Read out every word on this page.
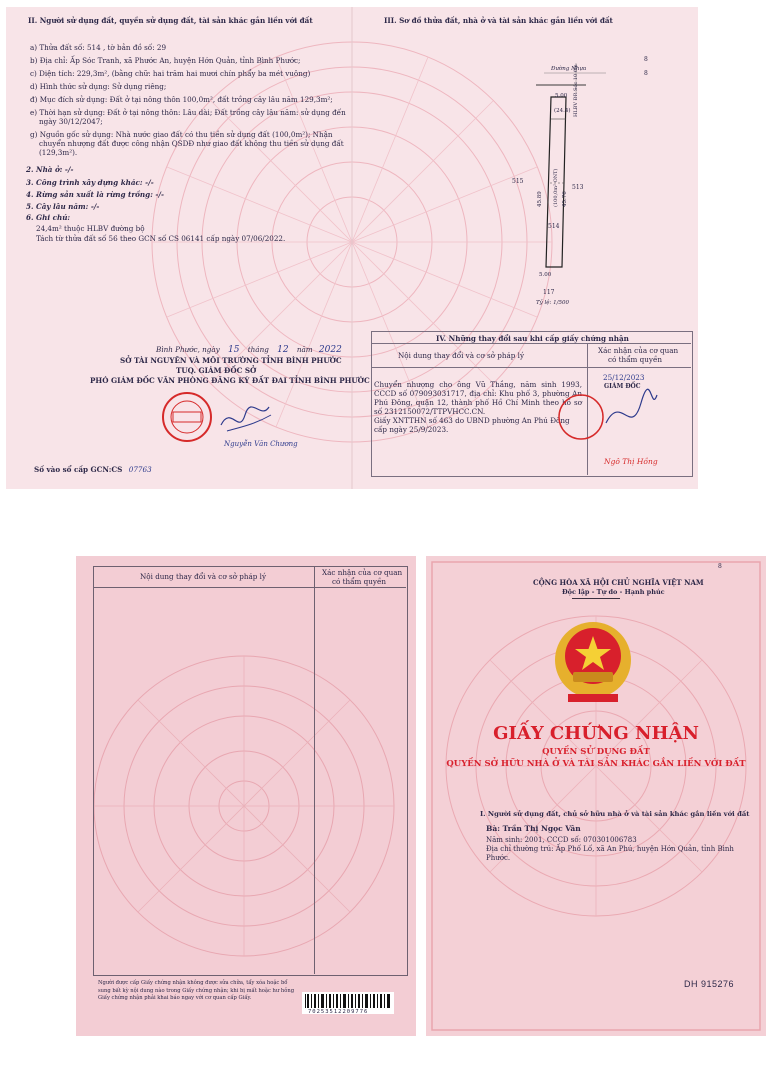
II. Người sử dụng đất, quyền sử dụng đất, tài sản khác gắn liền với đất
a) Thửa đất số: 514 , tờ bản đồ số: 29
b) Địa chỉ: Ấp Sóc Tranh, xã Phước An, huyện Hớn Quản, tỉnh Bình Phước;
c) Diện tích: 229,3m², (bằng chữ: hai trăm hai mươi chín phẩy ba mét vuông)
d) Hình thức sử dụng: Sử dụng riêng;
đ) Mục đích sử dụng: Đất ở tại nông thôn 100,0m², đất trồng cây lâu năm 129,3m²;
e) Thời hạn sử dụng: Đất ở tại nông thôn: Lâu dài; Đất trồng cây lâu năm: sử dụng đến
ngày 30/12/2047;
g) Nguồn gốc sử dụng: Nhà nước giao đất có thu tiền sử dụng đất (100,0m²); Nhận
chuyển nhượng đất được công nhận QSDĐ như giao đất không thu tiền sử dụng đất
(129,3m²).
2. Nhà ở: -/-
3. Công trình xây dựng khác: -/-
4. Rừng sản xuất là rừng trồng: -/-
5. Cây lâu năm: -/-
6. Ghi chú:
24,4m² thuộc HLBV đường bộ
Tách từ thửa đất số 56 theo GCN số CS 06141 cấp ngày 07/06/2022.
Bình Phước, ngày 15 tháng 12 năm 2022
SỞ TÀI NGUYÊN VÀ MÔI TRƯỜNG TỈNH BÌNH PHƯỚC
TUQ. GIÁM ĐỐC SỞ
PHÓ GIÁM ĐỐC VĂN PHÒNG ĐĂNG KÝ ĐẤT ĐAI TỈNH BÌNH PHƯỚC
Nguyễn Văn Chương
Số vào sổ cấp GCN:CS 07763
III. Sơ đồ thửa đất, nhà ở và tài sản khác gắn liền với đất
8
8
Đường Nhựa
5.00
(24.4) HLBV ĐR Sóc 10 6m
45.89	45.76
(100,0m² ONT)
515
513
514
5.00
117
Tỷ lệ: 1/500
IV. Những thay đổi sau khi cấp giấy chứng nhận
Nội dung thay đổi và cơ sở pháp lý
Xác nhận của cơ quan
có thẩm quyền
Chuyển nhượng cho ông Vũ Thắng, năm sinh 1993, CCCD số 079093031717, địa chỉ: Khu phố 3, phường An Phú Đông, quận 12, thành phố Hồ Chí Minh theo hồ sơ số 2312150072/TTPVHCC.CN.
Giấy XNTTHN số 463 do UBND phường An Phú Đông cấp ngày 25/9/2023.
25/12/2023
GIÁM ĐỐC
Ngô Thị Hồng
Nội dung thay đổi và cơ sở pháp lý	Xác nhận của cơ quan
có thẩm quyền
Người được cấp Giấy chứng nhận không được sửa chữa, tẩy xóa hoặc bổ sung bất kỳ nội dung nào trong Giấy chứng nhận; khi bị mất hoặc hư hỏng Giấy chứng nhận phải khai báo ngay với cơ quan cấp Giấy.
70253512209776
8
CỘNG HÒA XÃ HỘI CHỦ NGHĨA VIỆT NAM
Độc lập - Tự do - Hạnh phúc
GIẤY CHỨNG NHẬN
QUYỀN SỬ DỤNG ĐẤT
QUYỀN SỞ HỮU NHÀ Ở VÀ TÀI SẢN KHÁC GẮN LIỀN VỚI ĐẤT
I. Người sử dụng đất, chủ sở hữu nhà ở và tài sản khác gắn liền với đất
Bà: Trần Thị Ngọc Vân
Năm sinh: 2001, CCCD số: 070301006783
Địa chỉ thường trú: Ấp Phố Lố, xã An Phú, huyện Hớn Quản, tỉnh Bình
Phước.
DH 915276
